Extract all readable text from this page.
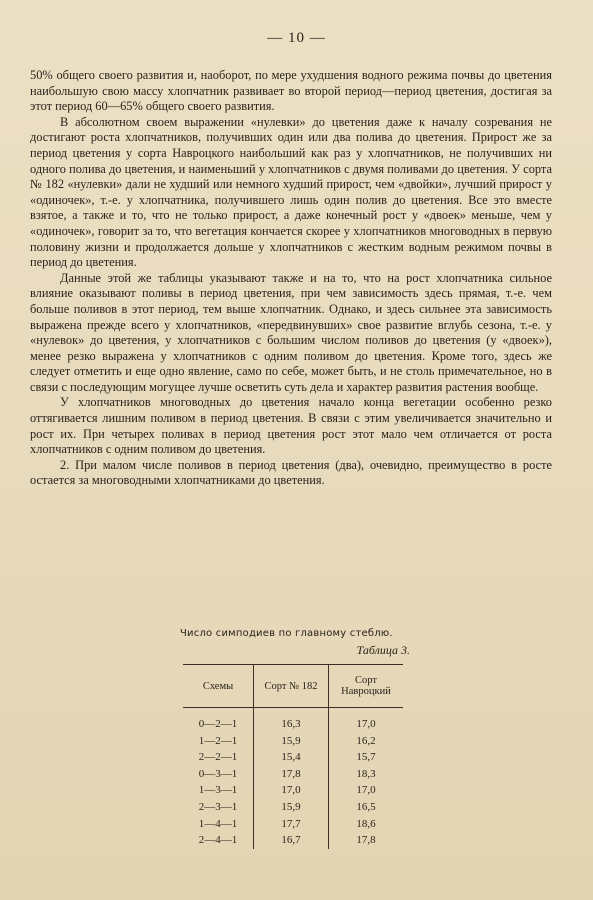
— 10 —

50% общего своего развития и, наоборот, по мере ухудшения водного режима почвы до цветения наибольшую свою массу хлопчатник развивает во второй период—период цветения, достигая за этот период 60—65% общего своего развития.

В абсолютном своем выражении «нулевки» до цветения даже к началу созревания не достигают роста хлопчатников, получивших один или два полива до цветения. Прирост же за период цветения у сорта Навроцкого наибольший как раз у хлопчатников, не получивших ни одного полива до цветения, и наименьший у хлопчатников с двумя поливами до цветения. У сорта № 182 «нулевки» дали не худший или немного худший прирост, чем «двойки», лучший прирост у «одиночек», т.-е. у хлопчатника, получившего лишь один полив до цветения. Все это вместе взятое, а также и то, что не только прирост, а даже конечный рост у «двоек» меньше, чем у «одиночек», говорит за то, что вегетация кончается скорее у хлопчатников многоводных в первую половину жизни и продолжается дольше у хлопчатников с жестким водным режимом почвы в период до цветения.

Данные этой же таблицы указывают также и на то, что на рост хлопчатника сильное влияние оказывают поливы в период цветения, при чем зависимость здесь прямая, т.-е. чем больше поливов в этот период, тем выше хлопчатник. Однако, и здесь сильнее эта зависимость выражена прежде всего у хлопчатников, «передвинувших» свое развитие вглубь сезона, т.-е. у «нулевок» до цветения, у хлопчатников с большим числом поливов до цветения (у «двоек»), менее резко выражена у хлопчатников с одним поливом до цветения. Кроме того, здесь же следует отметить и еще одно явление, само по себе, может быть, и не столь примечательное, но в связи с последующим могущее лучше осветить суть дела и характер развития растения вообще.

У хлопчатников многоводных до цветения начало конца вегетации особенно резко оттягивается лишним поливом в период цветения. В связи с этим увеличивается значительно и рост их. При четырех поливах в период цветения рост этот мало чем отличается от роста хлопчатников с одним поливом до цветения.

2. При малом числе поливов в период цветения (два), очевидно, преимущество в росте остается за многоводными хлопчатниками до цветения.

Число симподиев по главному стеблю.
Таблица 3.
Схемы	Сорт № 182	Сорт Навроцкий
0—2—1	16,3	17,0
1—2—1	15,9	16,2
2—2—1	15,4	15,7
0—3—1	17,8	18,3
1—3—1	17,0	17,0
2—3—1	15,9	16,5
1—4—1	17,7	18,6
2—4—1	16,7	17,8
